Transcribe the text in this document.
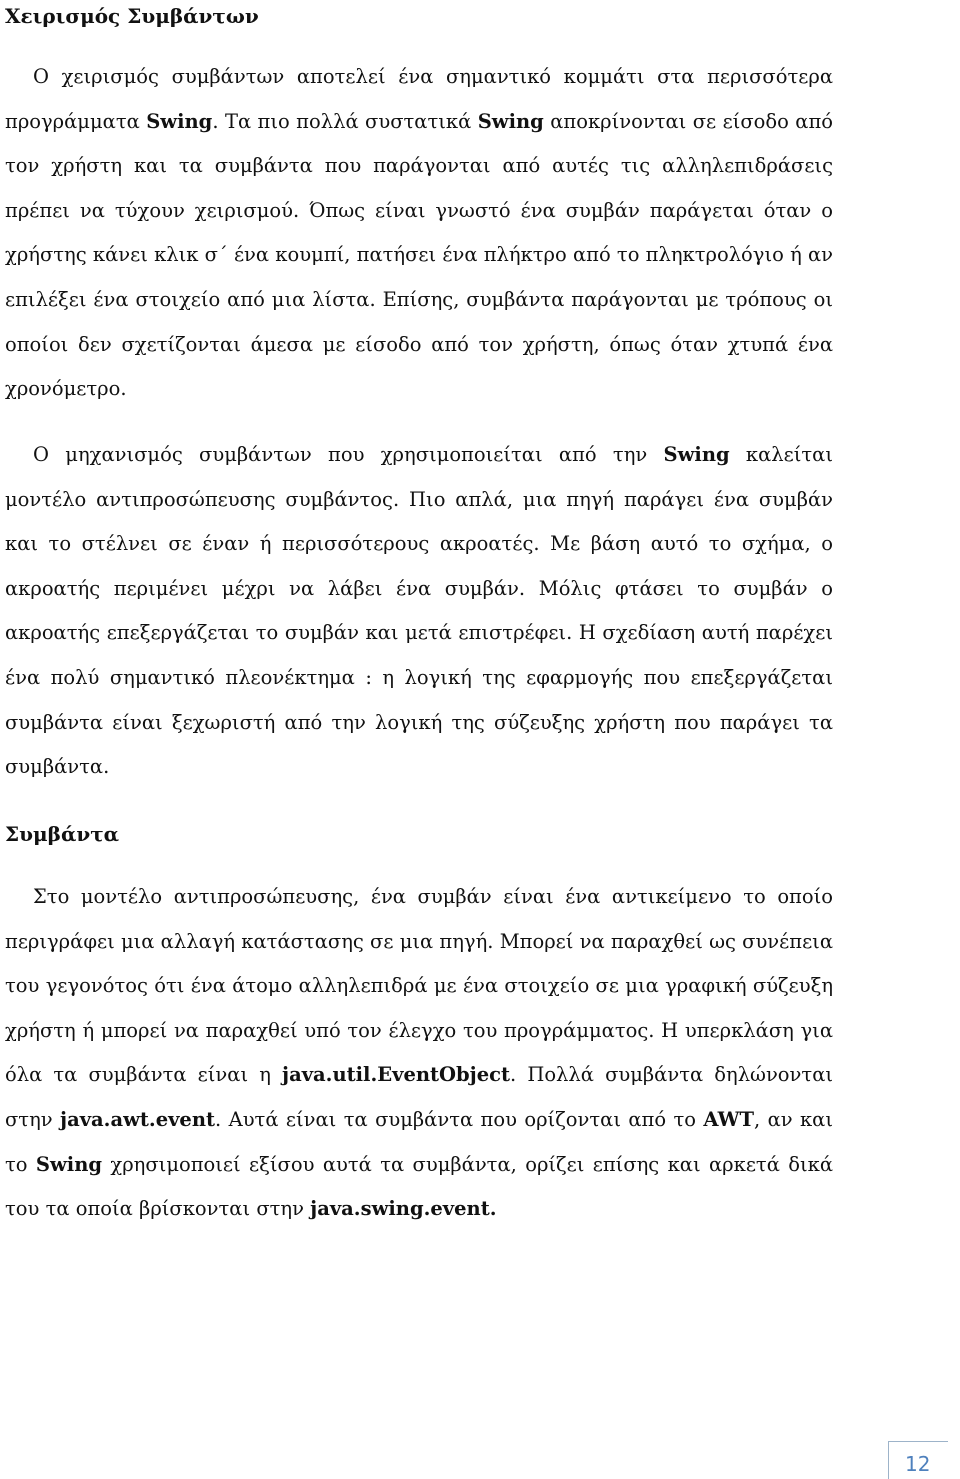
Χειρισμός Συμβάντων

Ο χειρισμός συμβάντων αποτελεί ένα σημαντικό κομμάτι στα περισσότερα προγράμματα Swing. Τα πιο πολλά συστατικά Swing αποκρίνονται σε είσοδο από τον χρήστη και τα συμβάντα που παράγονται από αυτές τις αλληλεπιδράσεις πρέπει να τύχουν χειρισμού. Όπως είναι γνωστό ένα συμβάν παράγεται όταν ο χρήστης κάνει κλικ σ΄ ένα κουμπί, πατήσει ένα πλήκτρο από το πληκτρολόγιο ή αν επιλέξει ένα στοιχείο από μια λίστα. Επίσης, συμβάντα παράγονται με τρόπους οι οποίοι δεν σχετίζονται άμεσα με είσοδο από τον χρήστη, όπως όταν χτυπά ένα χρονόμετρο.

Ο μηχανισμός συμβάντων που χρησιμοποιείται από την Swing καλείται μοντέλο αντιπροσώπευσης συμβάντος. Πιο απλά, μια πηγή παράγει ένα συμβάν και το στέλνει σε έναν ή περισσότερους ακροατές. Με βάση αυτό το σχήμα, ο ακροατής περιμένει μέχρι να λάβει ένα συμβάν. Μόλις φτάσει το συμβάν ο ακροατής επεξεργάζεται το συμβάν και μετά επιστρέφει. Η σχεδίαση αυτή παρέχει ένα πολύ σημαντικό πλεονέκτημα : η λογική της εφαρμογής που επεξεργάζεται συμβάντα είναι ξεχωριστή από την λογική της σύζευξης χρήστη που παράγει τα συμβάντα.

Συμβάντα

Στο μοντέλο αντιπροσώπευσης, ένα συμβάν είναι ένα αντικείμενο το οποίο περιγράφει μια αλλαγή κατάστασης σε μια πηγή. Μπορεί να παραχθεί ως συνέπεια του γεγονότος ότι ένα άτομο αλληλεπιδρά με ένα στοιχείο σε μια γραφική σύζευξη χρήστη ή μπορεί να παραχθεί υπό τον έλεγχο του προγράμματος. Η υπερκλάση για όλα τα συμβάντα είναι η java.util.EventObject. Πολλά συμβάντα δηλώνονται στην java.awt.event. Αυτά είναι τα συμβάντα που ορίζονται από το AWT, αν και το Swing χρησιμοποιεί εξίσου αυτά τα συμβάντα, ορίζει επίσης και αρκετά δικά του τα οποία βρίσκονται στην java.swing.event.

12
